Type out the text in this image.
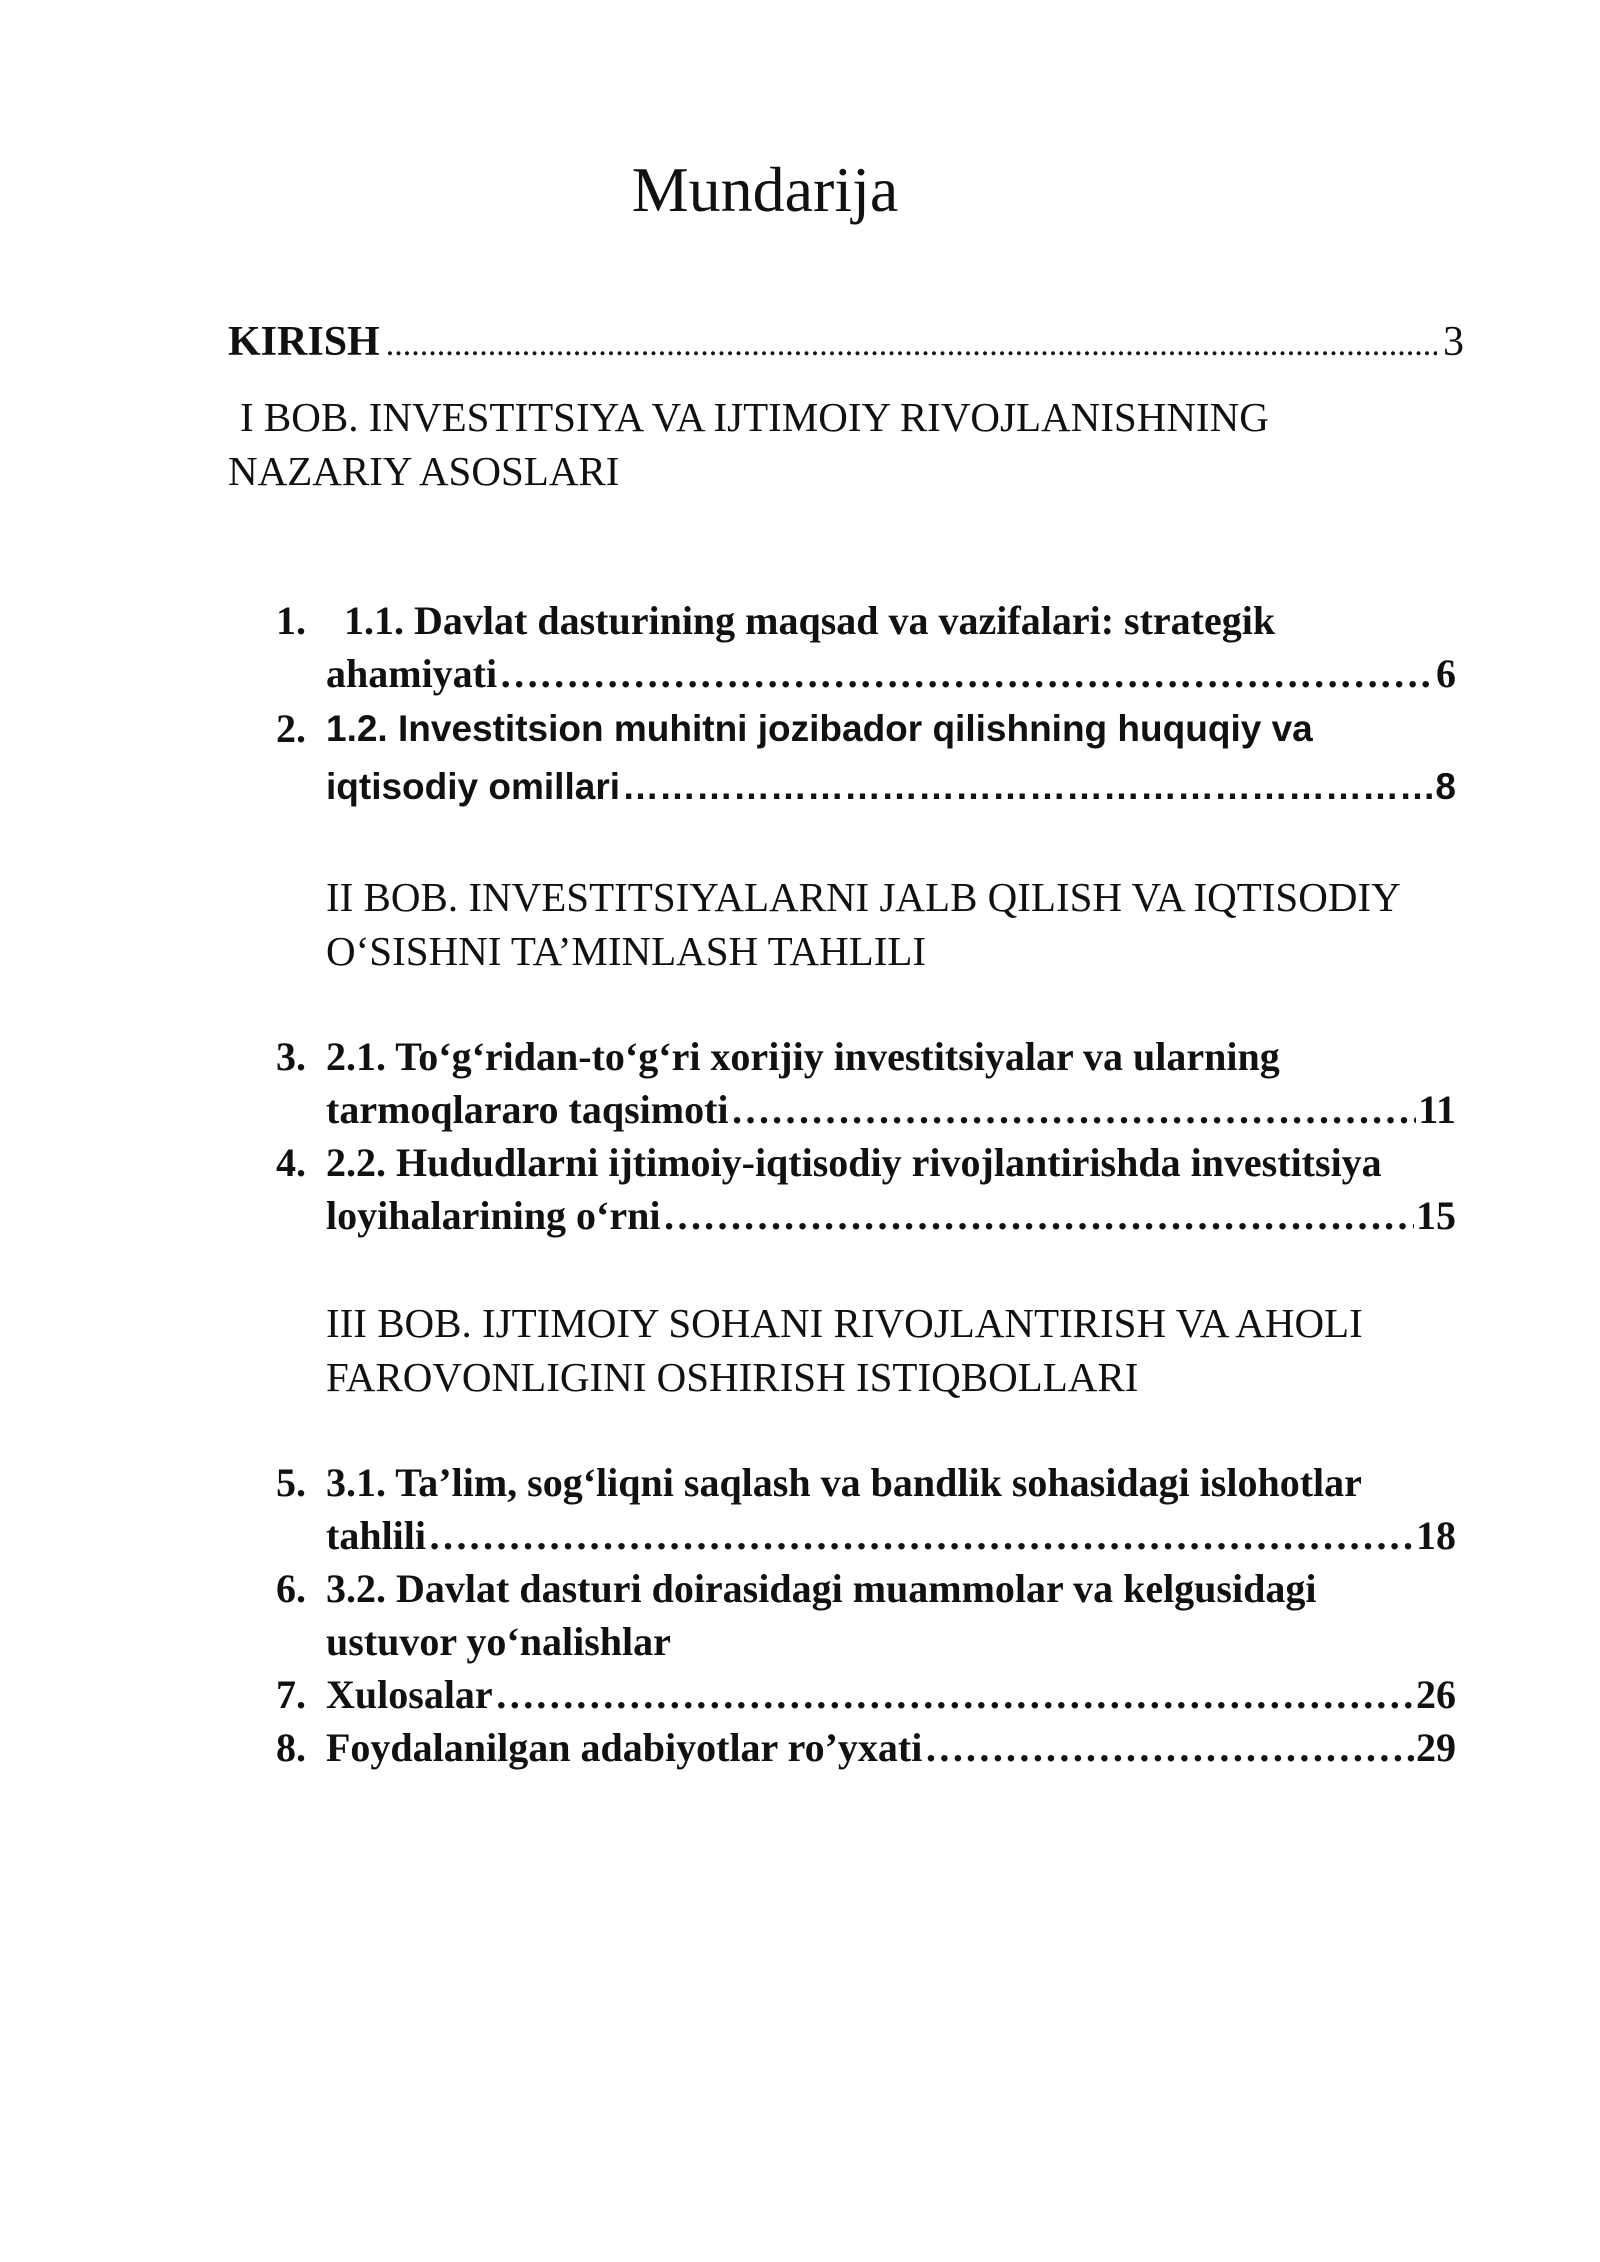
Mundarija
KIRISH .....	3
I BOB. INVESTITSIYA VA IJTIMOIY RIVOJLANISHNING
NAZARIY ASOSLARI
1. 1.1. Davlat dasturining maqsad va vazifalari: strategik
ahamiyati …………………………………………………………………………………………………………………………………………………………………………………………………………………………	6
2. 1.2. Investitsion muhitni jozibador qilishning huquqiy va
iqtisodiy omillari …………………………………………………………………………………………………………………………………………………………………………………………………………………………	8
II BOB. INVESTITSIYALARNI JALB QILISH VA IQTISODIY
O‘SISHNI TA’MINLASH TAHLILI
3. 2.1. To‘g‘ridan-to‘g‘ri xorijiy investitsiyalar va ularning
tarmoqlararo taqsimoti …………………………………………………………………………………………………………………………………………………………………………………………………………………………	11
4. 2.2. Hududlarni ijtimoiy-iqtisodiy rivojlantirishda investitsiya
loyihalarining o‘rni …………………………………………………………………………………………………………………………………………………………………………………………………………………………	15
III BOB. IJTIMOIY SOHANI RIVOJLANTIRISH VA AHOLI
FAROVONLIGINI OSHIRISH ISTIQBOLLARI
5. 3.1. Ta’lim, sog‘liqni saqlash va bandlik sohasidagi islohotlar
tahlili …………………………………………………………………………………………………………………………………………………………………………………………………………………………	18
6. 3.2. Davlat dasturi doirasidagi muammolar va kelgusidagi
ustuvor yo‘nalishlar
7. Xulosalar …………………………………………………………………………………………………………………………………………………………………………………………………………………………	26
8. Foydalanilgan adabiyotlar ro’yxati …………………………………………………………………………………………………………………………………………………………………………………………………………………………	29
